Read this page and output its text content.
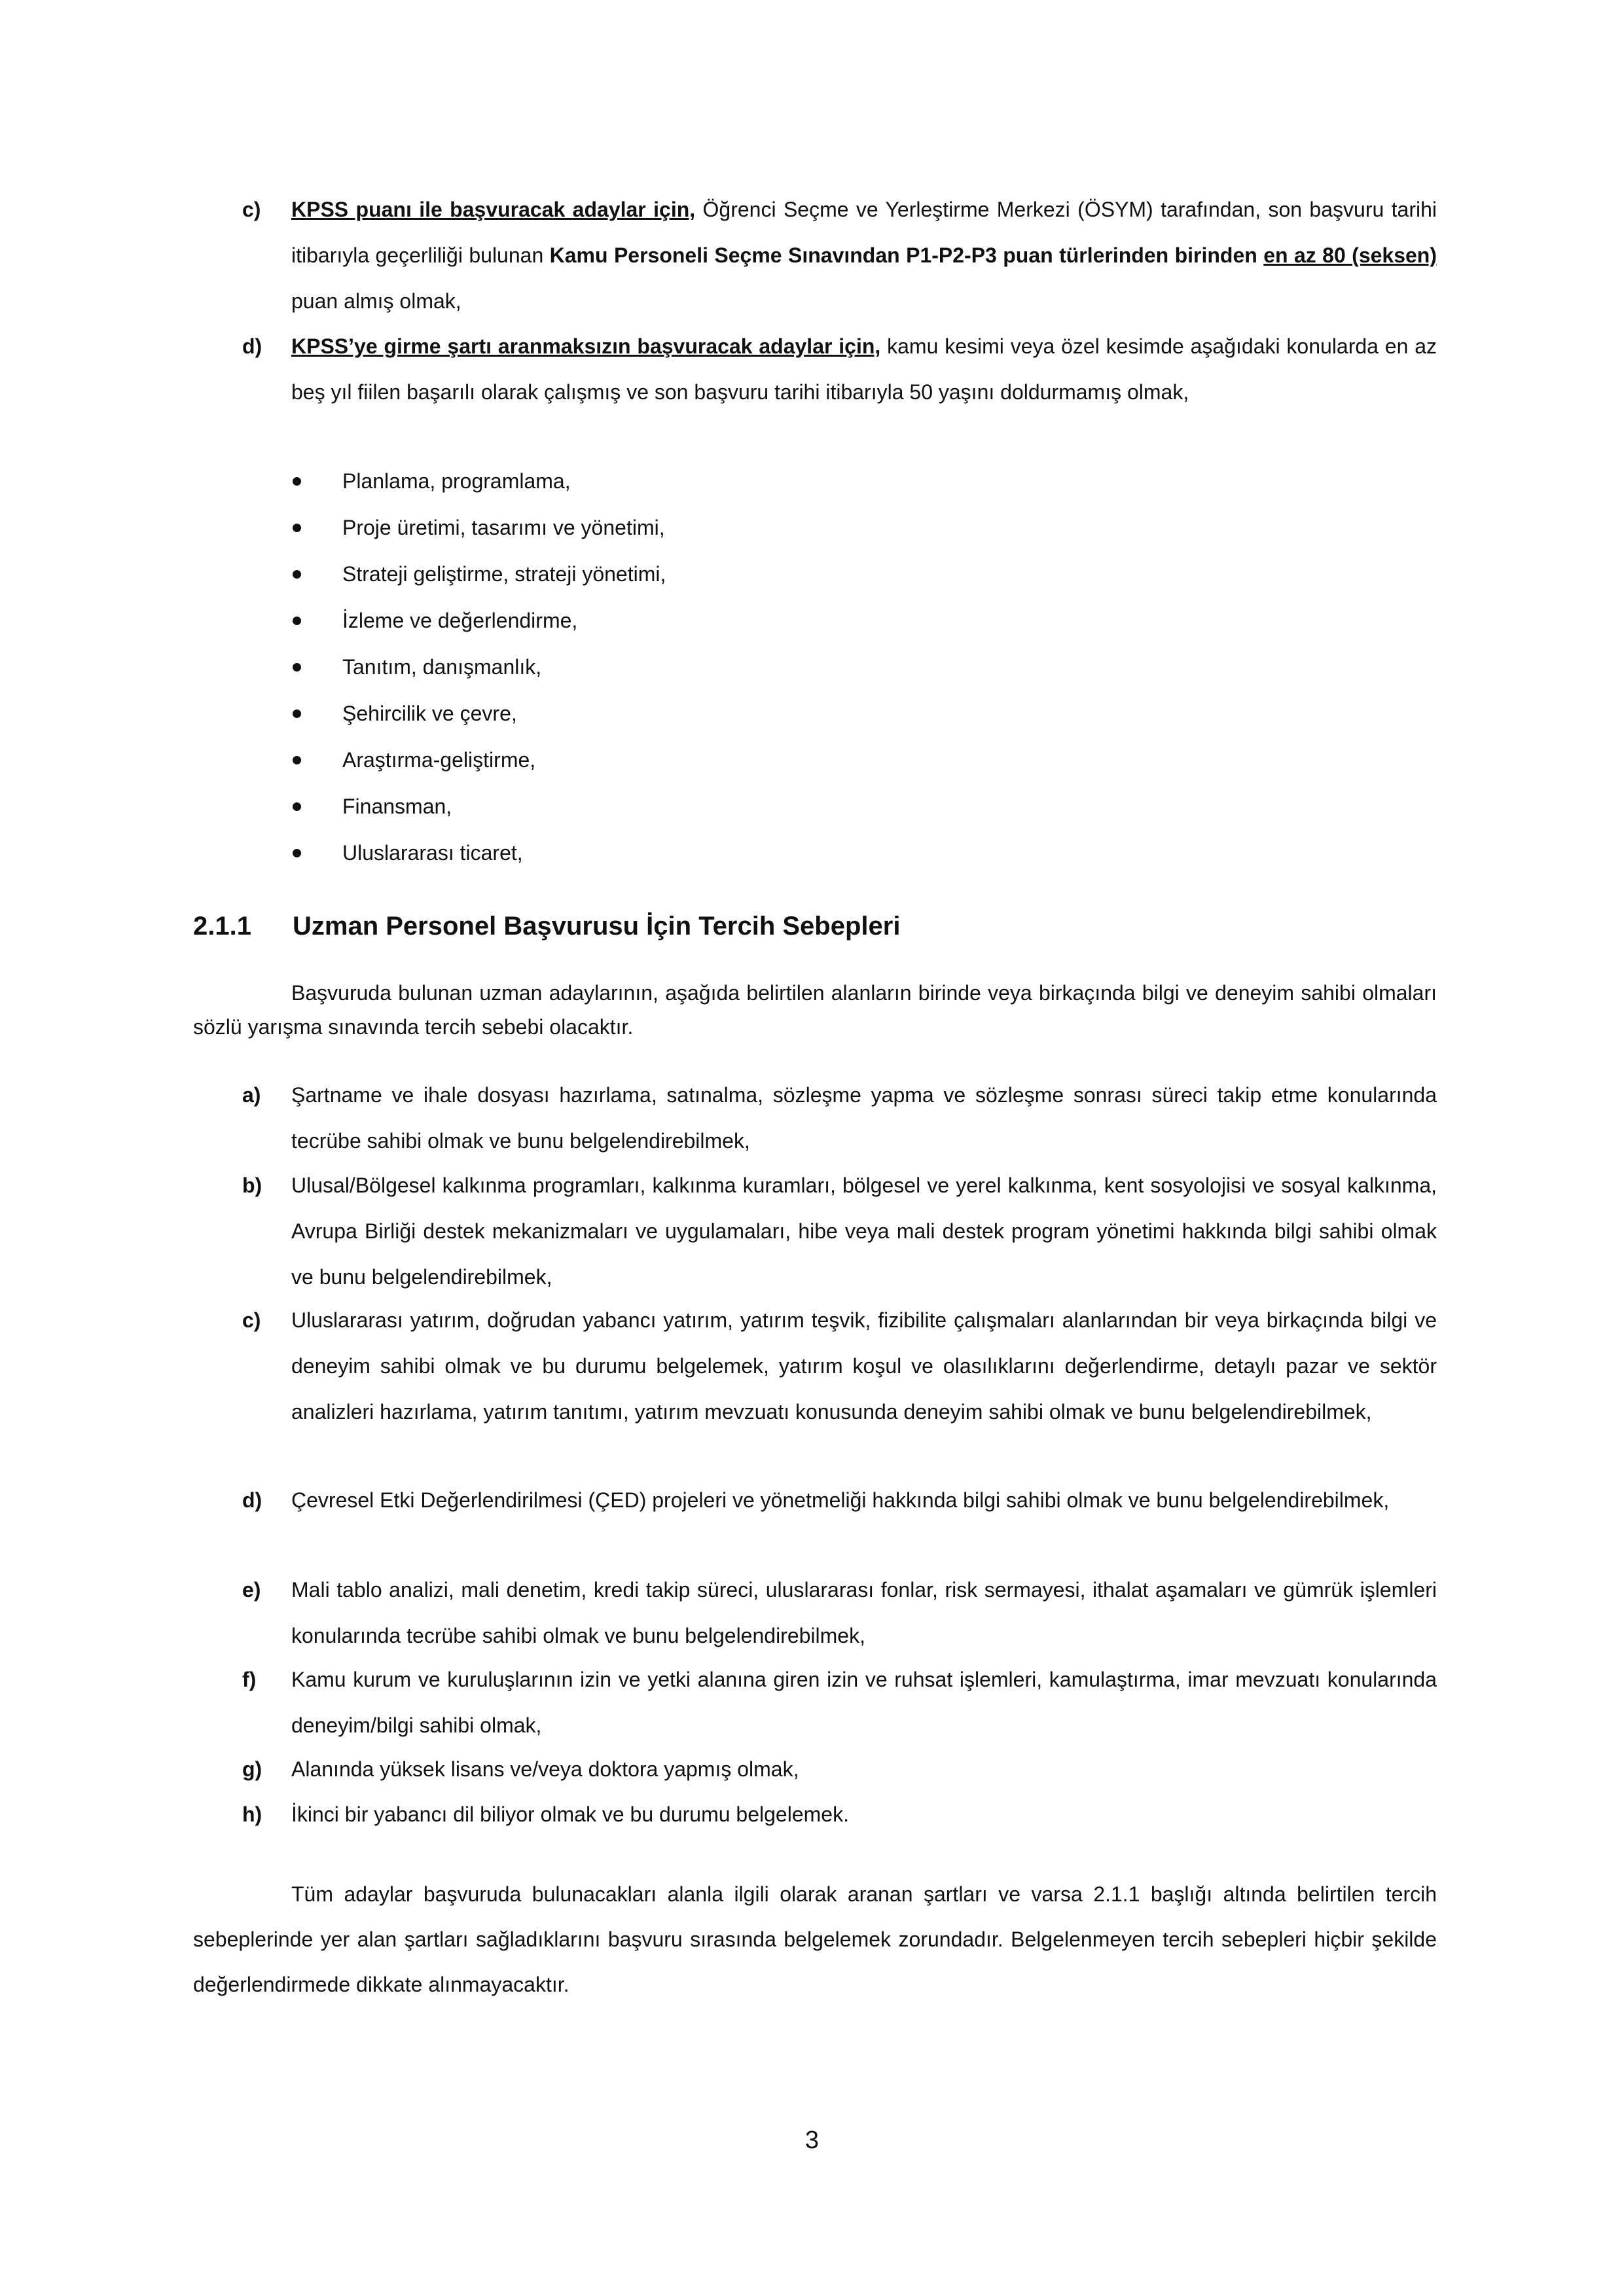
c) KPSS puanı ile başvuracak adaylar için, Öğrenci Seçme ve Yerleştirme Merkezi (ÖSYM) tarafından, son başvuru tarihi itibarıyla geçerliliği bulunan Kamu Personeli Seçme Sınavından P1-P2-P3 puan türlerinden birinden en az 80 (seksen) puan almış olmak,
d) KPSS’ye girme şartı aranmaksızın başvuracak adaylar için, kamu kesimi veya özel kesimde aşağıdaki konularda en az beş yıl fiilen başarılı olarak çalışmış ve son başvuru tarihi itibarıyla 50 yaşını doldurmamış olmak,
Planlama, programlama,
Proje üretimi, tasarımı ve yönetimi,
Strateji geliştirme, strateji yönetimi,
İzleme ve değerlendirme,
Tanıtım, danışmanlık,
Şehircilik ve çevre,
Araştırma-geliştirme,
Finansman,
Uluslararası ticaret,
2.1.1 Uzman Personel Başvurusu İçin Tercih Sebepleri
Başvuruda bulunan uzman adaylarının, aşağıda belirtilen alanların birinde veya birkaçında bilgi ve deneyim sahibi olmaları sözlü yarışma sınavında tercih sebebi olacaktır.
a) Şartname ve ihale dosyası hazırlama, satınalma, sözleşme yapma ve sözleşme sonrası süreci takip etme konularında tecrübe sahibi olmak ve bunu belgelendirebilmek,
b) Ulusal/Bölgesel kalkınma programları, kalkınma kuramları, bölgesel ve yerel kalkınma, kent sosyolojisi ve sosyal kalkınma, Avrupa Birliği destek mekanizmaları ve uygulamaları, hibe veya mali destek program yönetimi hakkında bilgi sahibi olmak ve bunu belgelendirebilmek,
c) Uluslararası yatırım, doğrudan yabancı yatırım, yatırım teşvik, fizibilite çalışmaları alanlarından bir veya birkaçında bilgi ve deneyim sahibi olmak ve bu durumu belgelemek, yatırım koşul ve olasılıklarını değerlendirme, detaylı pazar ve sektör analizleri hazırlama, yatırım tanıtımı, yatırım mevzuatı konusunda deneyim sahibi olmak ve bunu belgelendirebilmek,
d) Çevresel Etki Değerlendirilmesi (ÇED) projeleri ve yönetmeliği hakkında bilgi sahibi olmak ve bunu belgelendirebilmek,
e) Mali tablo analizi, mali denetim, kredi takip süreci, uluslararası fonlar, risk sermayesi, ithalat aşamaları ve gümrük işlemleri konularında tecrübe sahibi olmak ve bunu belgelendirebilmek,
f) Kamu kurum ve kuruluşlarının izin ve yetki alanına giren izin ve ruhsat işlemleri, kamulaştırma, imar mevzuatı konularında deneyim/bilgi sahibi olmak,
g) Alanında yüksek lisans ve/veya doktora yapmış olmak,
h) İkinci bir yabancı dil biliyor olmak ve bu durumu belgelemek.
Tüm adaylar başvuruda bulunacakları alanla ilgili olarak aranan şartları ve varsa 2.1.1 başlığı altında belirtilen tercih sebeplerinde yer alan şartları sağladıklarını başvuru sırasında belgelemek zorundadır. Belgelenmeyen tercih sebepleri hiçbir şekilde değerlendirmede dikkate alınmayacaktır.
3
